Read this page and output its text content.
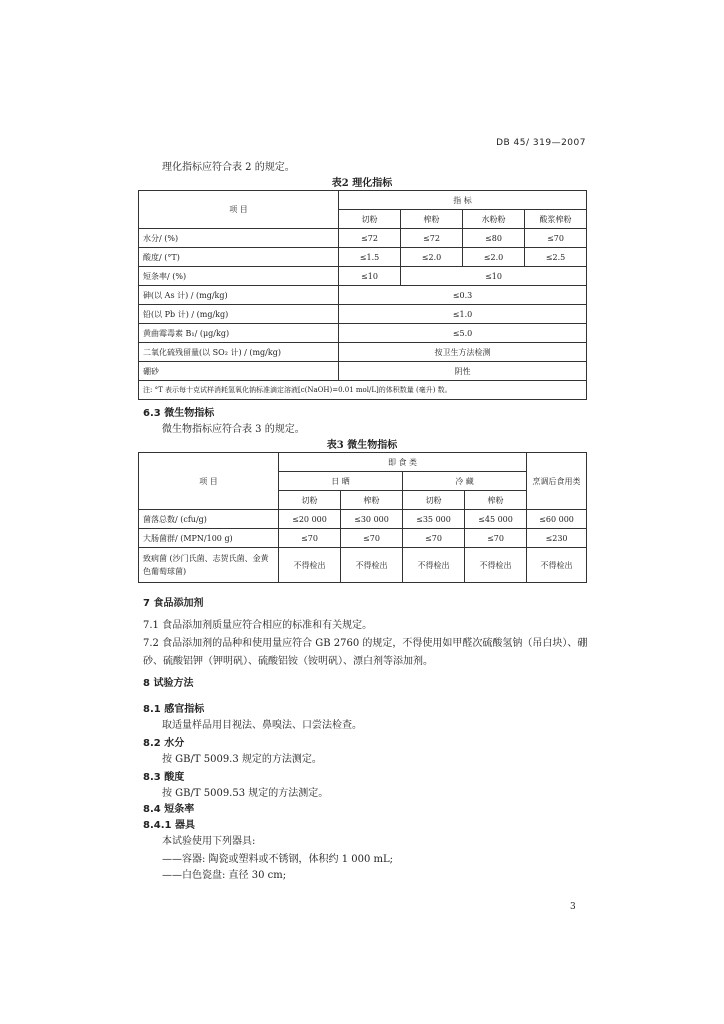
DB 45/ 319—2007
理化指标应符合表 2 的规定。
表2 理化指标
项 目	指 标			
	切粉	榨粉	水粉粉	酸浆榨粉
水分/ (%)	≤72	≤72	≤80	≤70
酸度/ (°T)	≤1.5	≤2.0	≤2.0	≤2.5
短条率/ (%)	≤10	≤10		
砷(以 As 计) / (mg/kg)	≤0.3			
铅(以 Pb 计) / (mg/kg)	≤1.0			
黄曲霉毒素 B₁/ (μg/kg)	≤5.0			
二氧化硫残留量(以 SO₂ 计) / (mg/kg)	按卫生方法检测			
硼砂	阴性			
注: °T 表示每十克试样消耗氢氧化钠标准滴定溶液[c(NaOH)=0.01 mol/L]的体积数量 (毫升) 数。				
6.3 微生物指标
微生物指标应符合表 3 的规定。
表3 微生物指标
项 目	即 食 类				烹调后食用类
	日 晒		冷 藏		
	切粉	榨粉	切粉	榨粉	
菌落总数/ (cfu/g)	≤20 000	≤30 000	≤35 000	≤45 000	≤60 000
大肠菌群/ (MPN/100 g)	≤70	≤70	≤70	≤70	≤230
致病菌 (沙门氏菌、志贺氏菌、金黄
色葡萄球菌)	不得检出	不得检出	不得检出	不得检出	不得检出
7 食品添加剂
7.1 食品添加剂质量应符合相应的标准和有关规定。
7.2 食品添加剂的品种和使用量应符合 GB 2760 的规定，不得使用如甲醛次硫酸氢钠（吊白块）、硼
砂、硫酸铝钾（钾明矾）、硫酸铝铵（铵明矾）、漂白剂等添加剂。
8 试验方法
8.1 感官指标
取适量样品用目视法、鼻嗅法、口尝法检查。
8.2 水分
按 GB/T 5009.3 规定的方法测定。
8.3 酸度
按 GB/T 5009.53 规定的方法测定。
8.4 短条率
8.4.1 器具
本试验使用下列器具:
——容器: 陶瓷或塑料或不锈钢，体积约 1 000 mL;
——白色瓷盘: 直径 30 cm;
3
